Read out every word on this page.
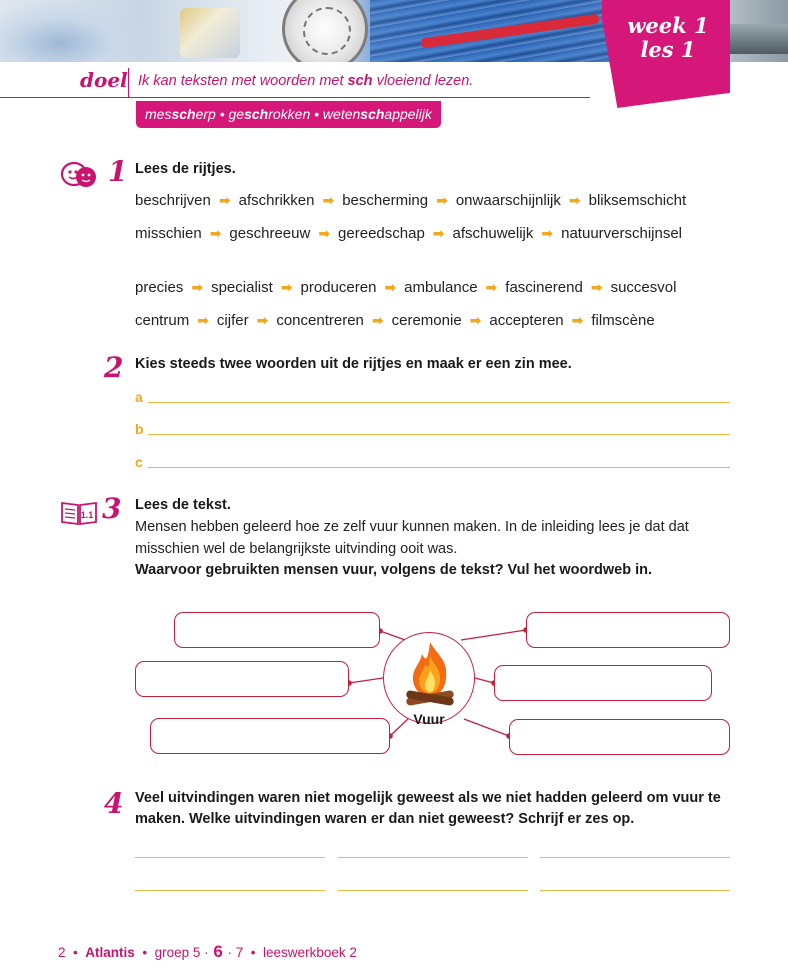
week 1
les 1
doel Ik kan teksten met woorden met sch vloeiend lezen.
messcherp • geschrokken • wetenschappelijk
1 Lees de rijtjes.
beschrijven ➡ afschrikken ➡ bescherming ➡ onwaarschijnlijk ➡ bliksemschicht
misschien ➡ geschreeuw ➡ gereedschap ➡ afschuwelijk ➡ natuurverschijnsel
precies ➡ specialist ➡ produceren ➡ ambulance ➡ fascinerend ➡ succesvol
centrum ➡ cijfer ➡ concentreren ➡ ceremonie ➡ accepteren ➡ filmscène
2 Kies steeds twee woorden uit de rijtjes en maak er een zin mee.
a
b
c
1.1 3 Lees de tekst.
Mensen hebben geleerd hoe ze zelf vuur kunnen maken. In de inleiding lees je dat dat
misschien wel de belangrijkste uitvinding ooit was.
Waarvoor gebruikten mensen vuur, volgens de tekst? Vul het woordweb in.
Vuur
4 Veel uitvindingen waren niet mogelijk geweest als we niet hadden geleerd om vuur te
maken. Welke uitvindingen waren er dan niet geweest? Schrijf er zes op.
2 • Atlantis • groep 5 · 6 · 7 • leeswerkboek 2
